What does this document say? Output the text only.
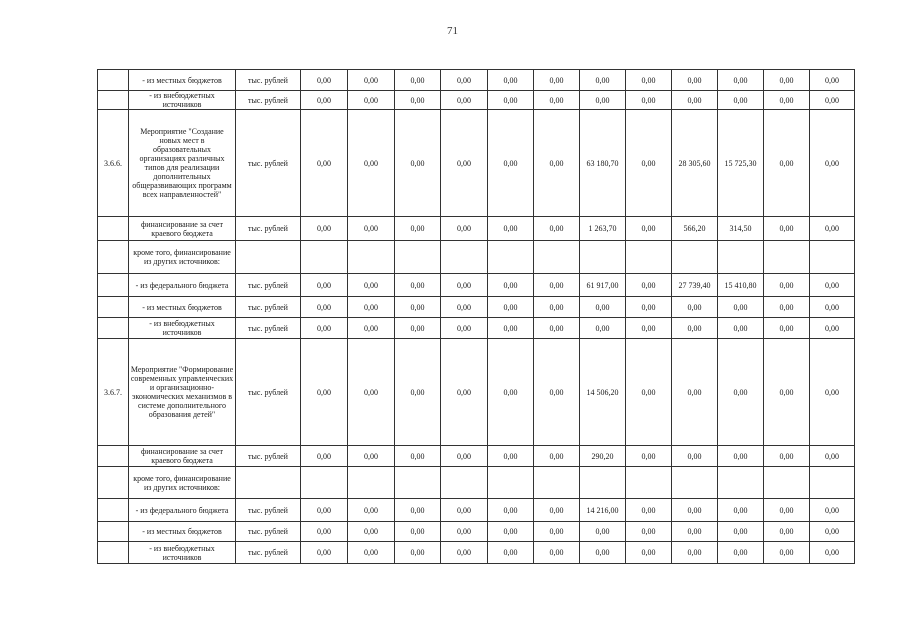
71
	- из местных бюджетов	тыс. рублей	0,00	0,00	0,00	0,00	0,00	0,00	0,00	0,00	0,00	0,00	0,00	0,00
	- из внебюджетных источников	тыс. рублей	0,00	0,00	0,00	0,00	0,00	0,00	0,00	0,00	0,00	0,00	0,00	0,00
3.6.6.	Мероприятие "Создание новых мест в образовательных организациях различных типов для реализации дополнительных общеразвивающих программ всех направленностей"	тыс. рублей	0,00	0,00	0,00	0,00	0,00	0,00	63 180,70	0,00	28 305,60	15 725,30	0,00	0,00
	финансирование за счет краевого бюджета	тыс. рублей	0,00	0,00	0,00	0,00	0,00	0,00	1 263,70	0,00	566,20	314,50	0,00	0,00
	кроме того, финансирование из других источников:													
	- из федерального бюджета	тыс. рублей	0,00	0,00	0,00	0,00	0,00	0,00	61 917,00	0,00	27 739,40	15 410,80	0,00	0,00
	- из местных бюджетов	тыс. рублей	0,00	0,00	0,00	0,00	0,00	0,00	0,00	0,00	0,00	0,00	0,00	0,00
	- из внебюджетных источников	тыс. рублей	0,00	0,00	0,00	0,00	0,00	0,00	0,00	0,00	0,00	0,00	0,00	0,00
3.6.7.	Мероприятие "Формирование современных управленческих и организационно-экономических механизмов в системе дополнительного образования детей"	тыс. рублей	0,00	0,00	0,00	0,00	0,00	0,00	14 506,20	0,00	0,00	0,00	0,00	0,00
	финансирование за счет краевого бюджета	тыс. рублей	0,00	0,00	0,00	0,00	0,00	0,00	290,20	0,00	0,00	0,00	0,00	0,00
	кроме того, финансирование из других источников:													
	- из федерального бюджета	тыс. рублей	0,00	0,00	0,00	0,00	0,00	0,00	14 216,00	0,00	0,00	0,00	0,00	0,00
	- из местных бюджетов	тыс. рублей	0,00	0,00	0,00	0,00	0,00	0,00	0,00	0,00	0,00	0,00	0,00	0,00
	- из внебюджетных источников	тыс. рублей	0,00	0,00	0,00	0,00	0,00	0,00	0,00	0,00	0,00	0,00	0,00	0,00
